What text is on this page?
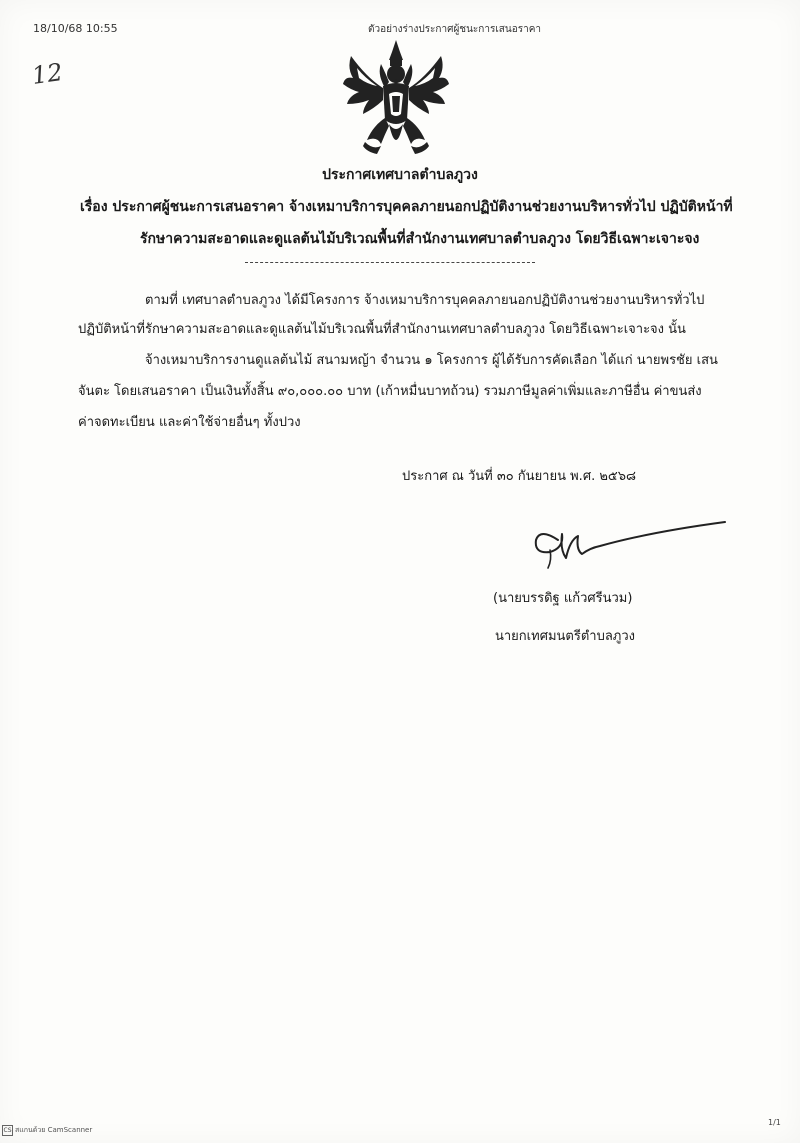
18/10/68 10:55	ตัวอย่างร่างประกาศผู้ชนะการเสนอราคา
12
ประกาศเทศบาลตำบลภูวง
เรื่อง ประกาศผู้ชนะการเสนอราคา จ้างเหมาบริการบุคคลภายนอกปฏิบัติงานช่วยงานบริหารทั่วไป ปฏิบัติหน้าที่
รักษาความสะอาดและดูแลต้นไม้บริเวณพื้นที่สำนักงานเทศบาลตำบลภูวง โดยวิธีเฉพาะเจาะจง
ตามที่ เทศบาลตำบลภูวง ได้มีโครงการ จ้างเหมาบริการบุคคลภายนอกปฏิบัติงานช่วยงานบริหารทั่วไป
ปฏิบัติหน้าที่รักษาความสะอาดและดูแลต้นไม้บริเวณพื้นที่สำนักงานเทศบาลตำบลภูวง โดยวิธีเฉพาะเจาะจง นั้น
จ้างเหมาบริการงานดูแลต้นไม้ สนามหญ้า จำนวน ๑ โครงการ ผู้ได้รับการคัดเลือก ได้แก่ นายพรชัย เสน
จันตะ โดยเสนอราคา เป็นเงินทั้งสิ้น ๙๐,๐๐๐.๐๐ บาท (เก้าหมื่นบาทถ้วน) รวมภาษีมูลค่าเพิ่มและภาษีอื่น ค่าขนส่ง
ค่าจดทะเบียน และค่าใช้จ่ายอื่นๆ ทั้งปวง
ประกาศ ณ วันที่ ๓๐ กันยายน พ.ศ. ๒๕๖๘
(นายบรรดิฐ แก้วศรีนวม)
นายกเทศมนตรีตำบลภูวง
CS สแกนด้วย CamScanner
1/1
